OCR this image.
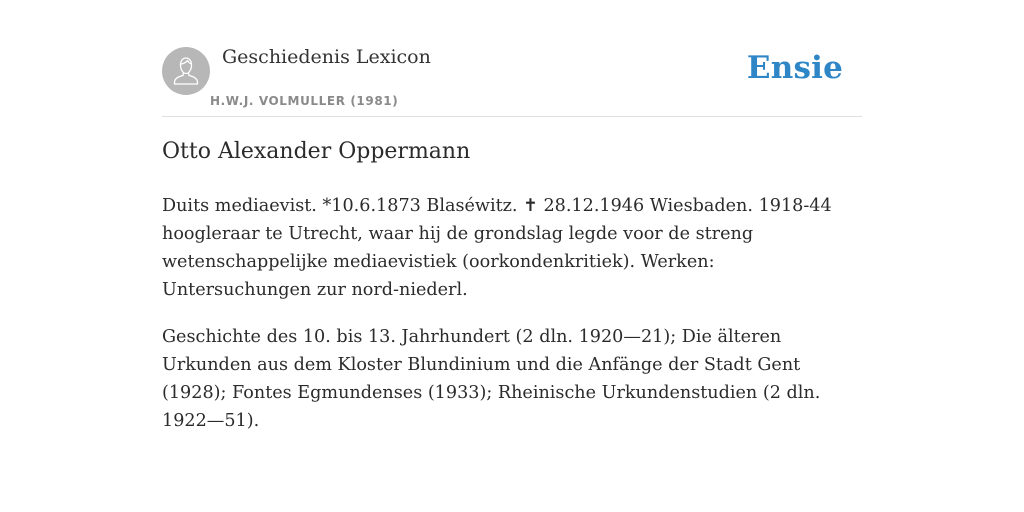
Geschiedenis Lexicon
H.W.J. VOLMULLER (1981)
Ensie
Otto Alexander Oppermann

Duits mediaevist. *10.6.1873 Blaséwitz. ✝ 28.12.1946 Wiesbaden. 1918-44 hoogleraar te Utrecht, waar hij de grondslag legde voor de streng wetenschappelijke mediaevistiek (oorkondenkritiek). Werken: Untersuchungen zur nord-niederl.

Geschichte des 10. bis 13. Jahrhundert (2 dln. 1920—21); Die älteren Urkunden aus dem Kloster Blundinium und die Anfänge der Stadt Gent (1928); Fontes Egmundenses (1933); Rheinische Urkundenstudien (2 dln. 1922—51).
